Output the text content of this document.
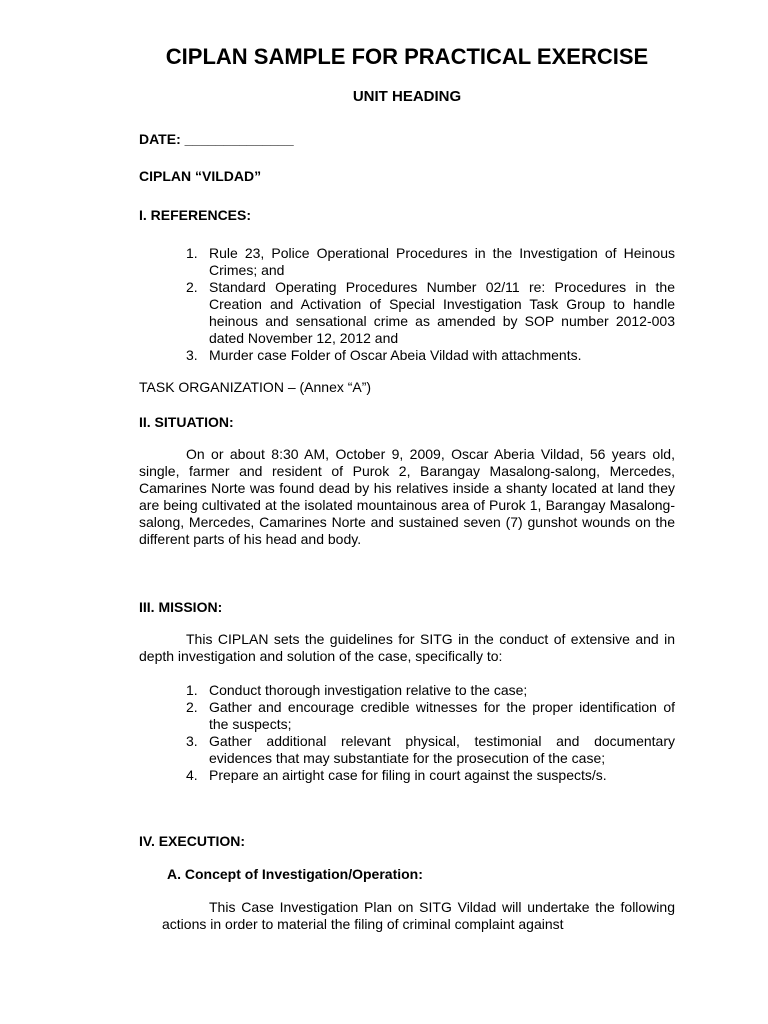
CIPLAN SAMPLE FOR PRACTICAL EXERCISE
UNIT HEADING

DATE: ______________

CIPLAN “VILDAD”

I. REFERENCES:

1. Rule 23, Police Operational Procedures in the Investigation of Heinous Crimes; and
2. Standard Operating Procedures Number 02/11 re: Procedures in the Creation and Activation of Special Investigation Task Group to handle heinous and sensational crime as amended by SOP number 2012-003 dated November 12, 2012 and
3. Murder case Folder of Oscar Abeia Vildad with attachments.

TASK ORGANIZATION – (Annex “A”)

II. SITUATION:

On or about 8:30 AM, October 9, 2009, Oscar Aberia Vildad, 56 years old, single, farmer and resident of Purok 2, Barangay Masalong-salong, Mercedes, Camarines Norte was found dead by his relatives inside a shanty located at land they are being cultivated at the isolated mountainous area of Purok 1, Barangay Masalong-salong, Mercedes, Camarines Norte and sustained seven (7) gunshot wounds on the different parts of his head and body.

III. MISSION:

This CIPLAN sets the guidelines for SITG in the conduct of extensive and in depth investigation and solution of the case, specifically to:

1. Conduct thorough investigation relative to the case;
2. Gather and encourage credible witnesses for the proper identification of the suspects;
3. Gather additional relevant physical, testimonial and documentary evidences that may substantiate for the prosecution of the case;
4. Prepare an airtight case for filing in court against the suspects/s.

IV. EXECUTION:

A. Concept of Investigation/Operation:

This Case Investigation Plan on SITG Vildad will undertake the following actions in order to material the filing of criminal complaint against
